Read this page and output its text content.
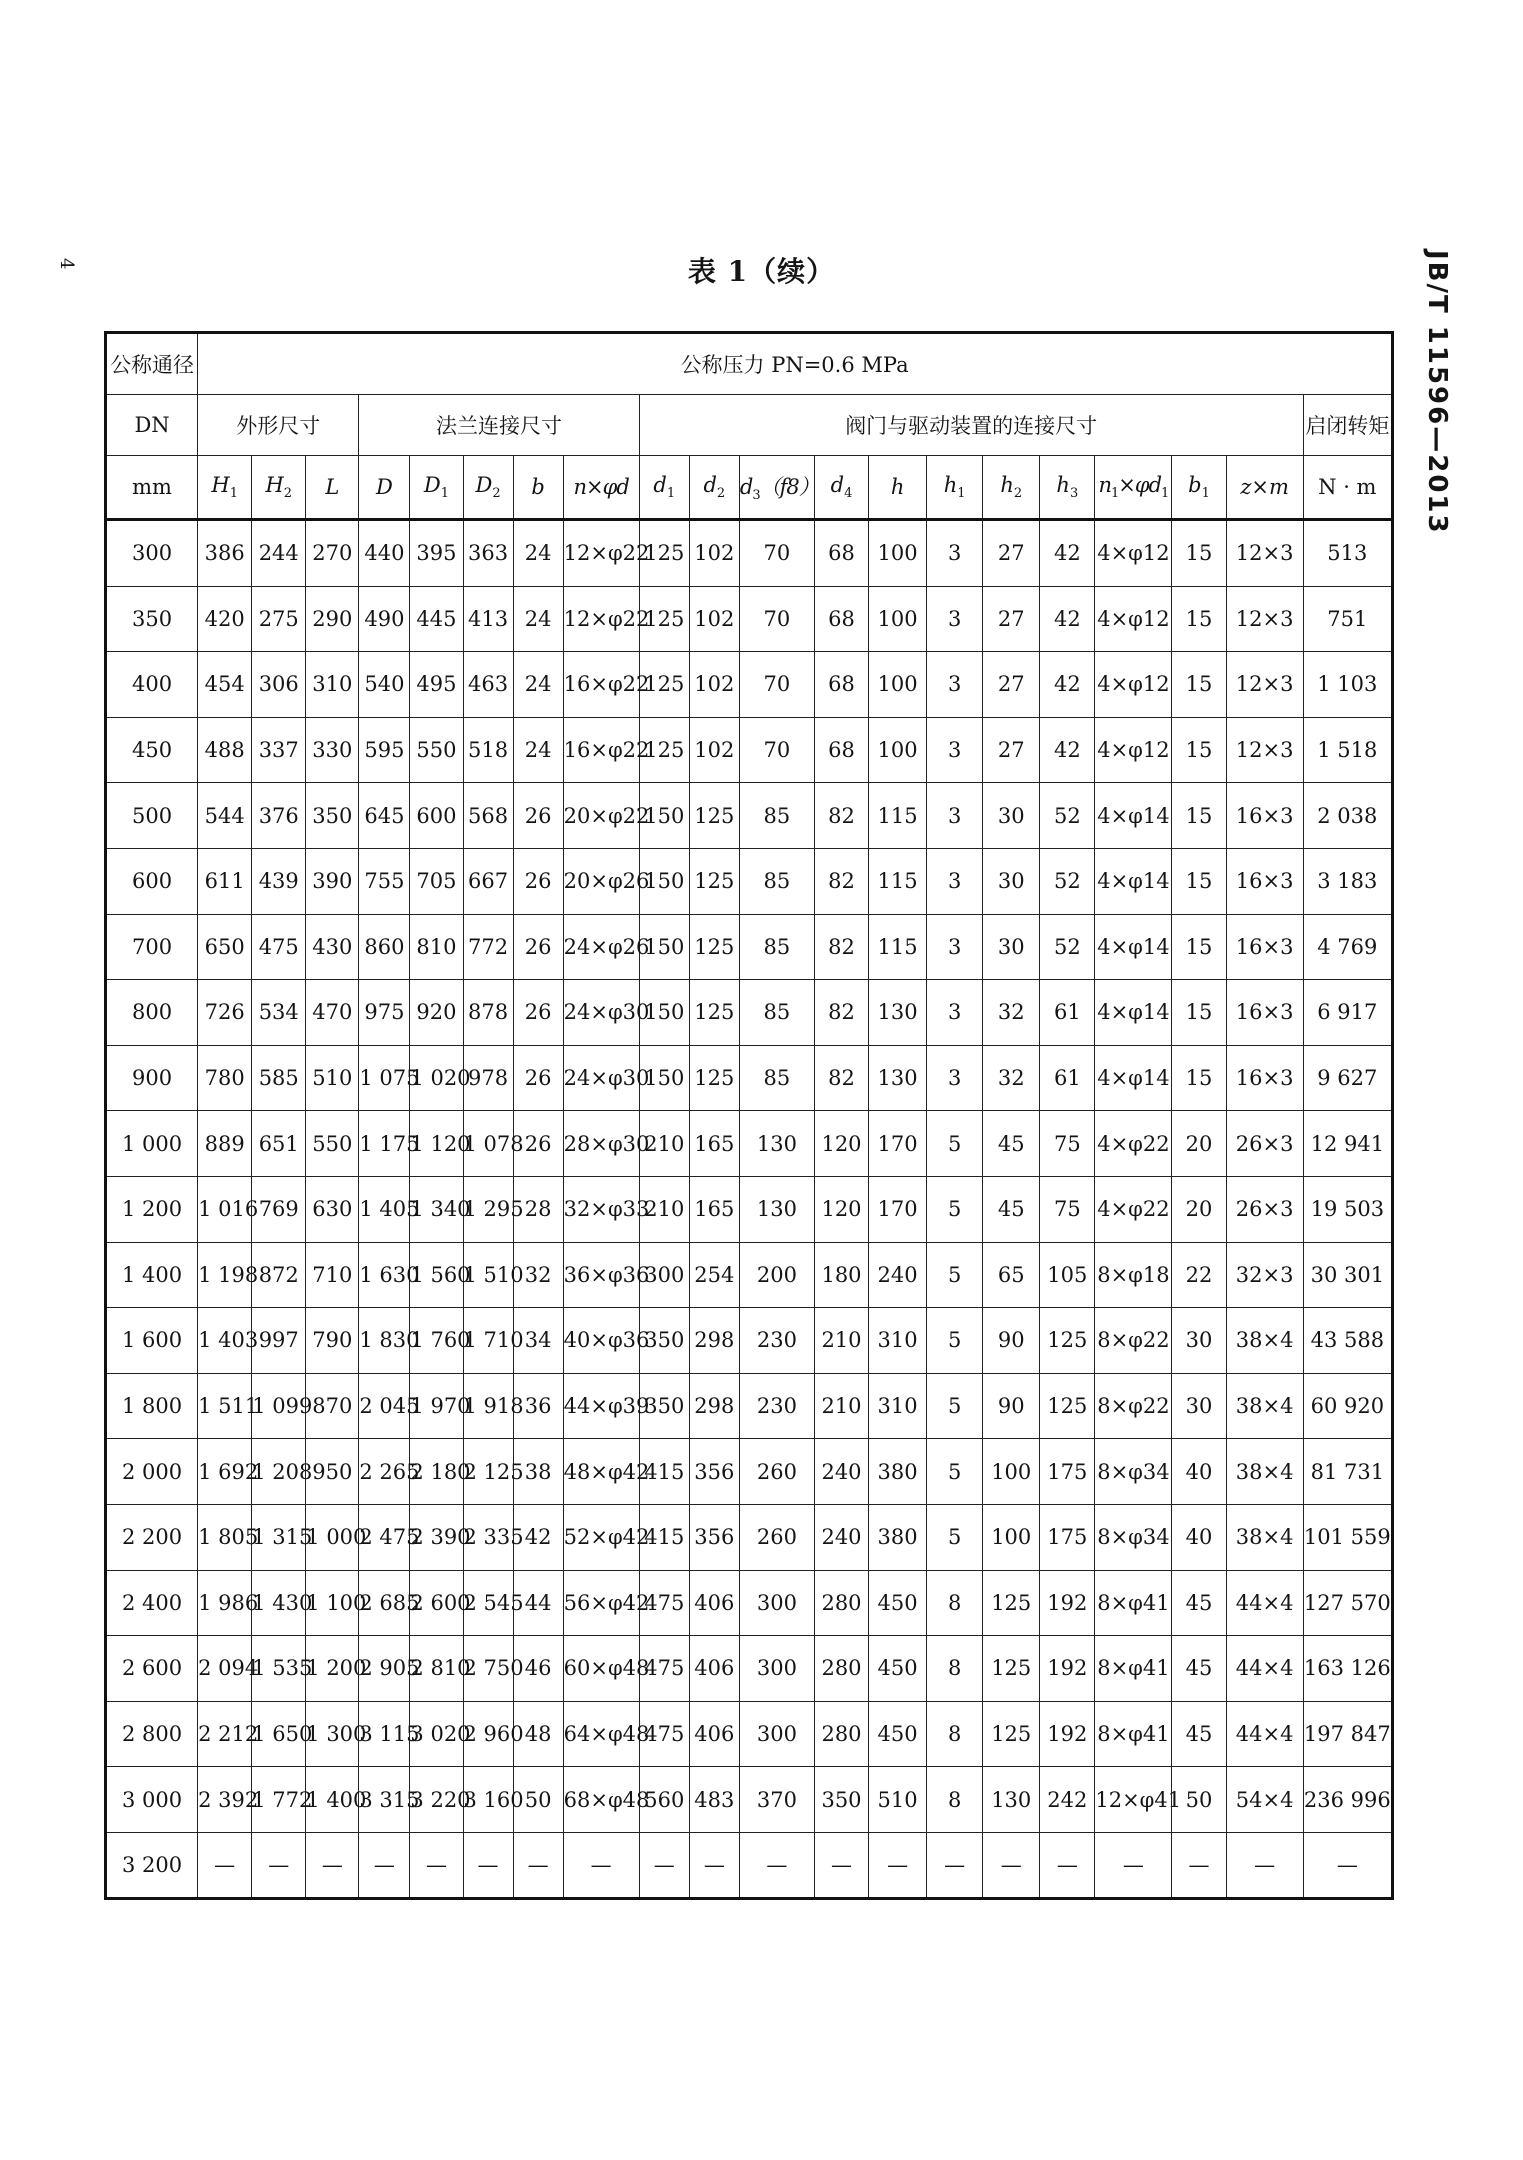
4	表 1（续）	JB/T 11596—2013
公称通径	公称压力 PN=0.6 MPa																			
DN	外形尺寸			法兰连接尺寸					阀门与驱动装置的连接尺寸											启闭转矩
mm	$H_1$	$H_2$	L	D	$D_1$	$D_2$	b	n×φd	$d_1$	$d_2$	$d_3(f8)$	$d_4$	h	$h_1$	$h_2$	$h_3$	$n_1\times\varphi d_1$	$b_1$	z×m	N · m
300	386	244	270	440	395	363	24	12×φ22	125	102	70	68	100	3	27	42	4×φ12	15	12×3	513
350	420	275	290	490	445	413	24	12×φ22	125	102	70	68	100	3	27	42	4×φ12	15	12×3	751
400	454	306	310	540	495	463	24	16×φ22	125	102	70	68	100	3	27	42	4×φ12	15	12×3	1 103
450	488	337	330	595	550	518	24	16×φ22	125	102	70	68	100	3	27	42	4×φ12	15	12×3	1 518
500	544	376	350	645	600	568	26	20×φ22	150	125	85	82	115	3	30	52	4×φ14	15	16×3	2 038
600	611	439	390	755	705	667	26	20×φ26	150	125	85	82	115	3	30	52	4×φ14	15	16×3	3 183
700	650	475	430	860	810	772	26	24×φ26	150	125	85	82	115	3	30	52	4×φ14	15	16×3	4 769
800	726	534	470	975	920	878	26	24×φ30	150	125	85	82	130	3	32	61	4×φ14	15	16×3	6 917
900	780	585	510	1 075	1 020	978	26	24×φ30	150	125	85	82	130	3	32	61	4×φ14	15	16×3	9 627
1 000	889	651	550	1 175	1 120	1 078	26	28×φ30	210	165	130	120	170	5	45	75	4×φ22	20	26×3	12 941
1 200	1 016	769	630	1 405	1 340	1 295	28	32×φ33	210	165	130	120	170	5	45	75	4×φ22	20	26×3	19 503
1 400	1 198	872	710	1 630	1 560	1 510	32	36×φ36	300	254	200	180	240	5	65	105	8×φ18	22	32×3	30 301
1 600	1 403	997	790	1 830	1 760	1 710	34	40×φ36	350	298	230	210	310	5	90	125	8×φ22	30	38×4	43 588
1 800	1 511	1 099	870	2 045	1 970	1 918	36	44×φ39	350	298	230	210	310	5	90	125	8×φ22	30	38×4	60 920
2 000	1 692	1 208	950	2 265	2 180	2 125	38	48×φ42	415	356	260	240	380	5	100	175	8×φ34	40	38×4	81 731
2 200	1 805	1 315	1 000	2 475	2 390	2 335	42	52×φ42	415	356	260	240	380	5	100	175	8×φ34	40	38×4	101 559
2 400	1 986	1 430	1 100	2 685	2 600	2 545	44	56×φ42	475	406	300	280	450	8	125	192	8×φ41	45	44×4	127 570
2 600	2 094	1 535	1 200	2 905	2 810	2 750	46	60×φ48	475	406	300	280	450	8	125	192	8×φ41	45	44×4	163 126
2 800	2 212	1 650	1 300	3 115	3 020	2 960	48	64×φ48	475	406	300	280	450	8	125	192	8×φ41	45	44×4	197 847
3 000	2 392	1 772	1 400	3 315	3 220	3 160	50	68×φ48	560	483	370	350	510	8	130	242	12×φ41	50	54×4	236 996
3 200	—	—	—	—	—	—	—	—	—	—	—	—	—	—	—	—	—	—	—	—
